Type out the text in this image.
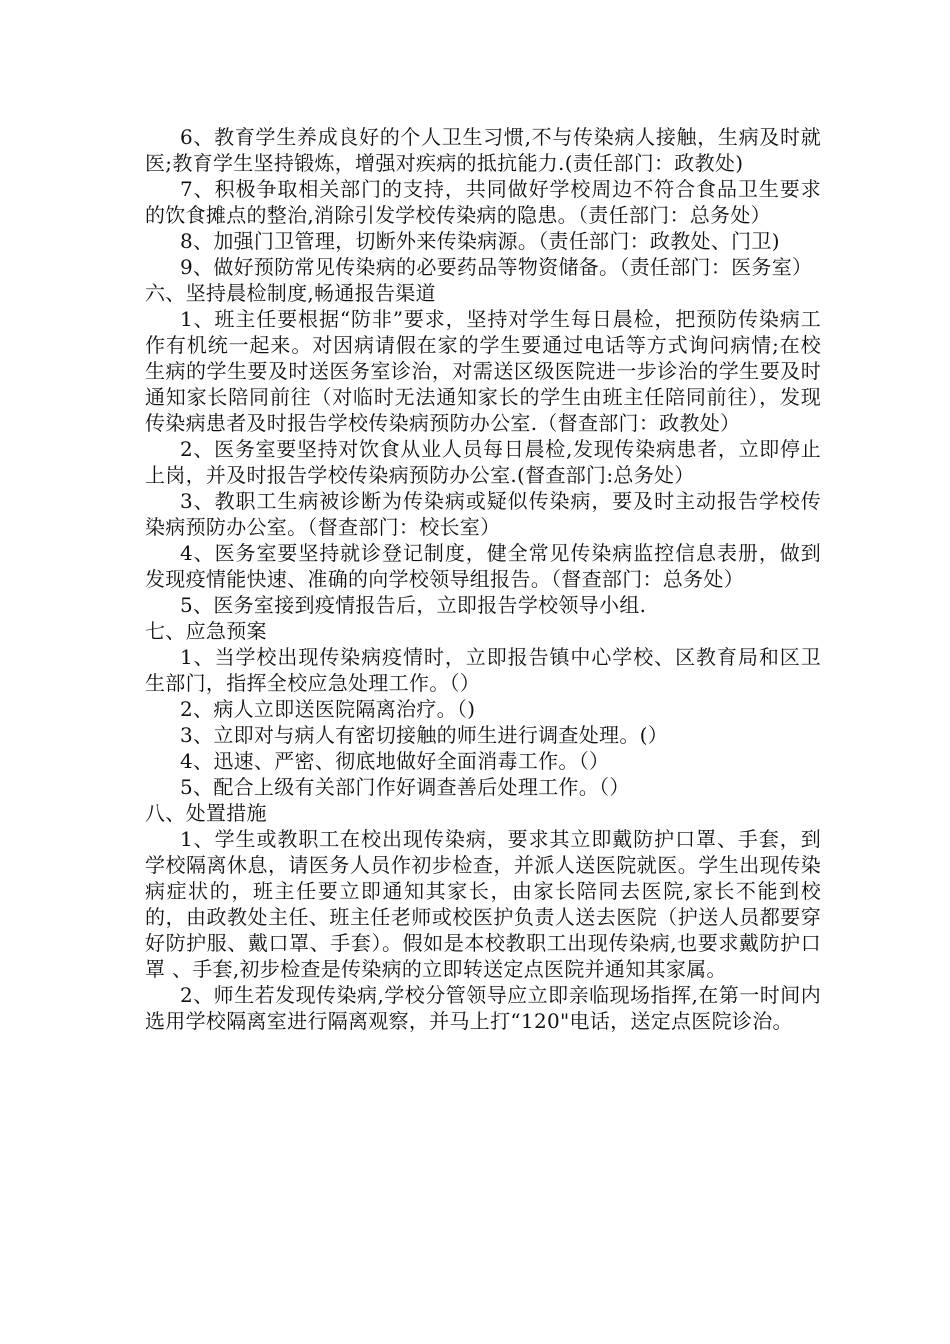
6、教育学生养成良好的个人卫生习惯,不与传染病人接触，生病及时就医;教育学生坚持锻炼，增强对疾病的抵抗能力.(责任部门：政教处)

7、积极争取相关部门的支持，共同做好学校周边不符合食品卫生要求的饮食摊点的整治,消除引发学校传染病的隐患。（责任部门：总务处）

8、加强门卫管理，切断外来传染病源。（责任部门：政教处、门卫)

9、做好预防常见传染病的必要药品等物资储备。（责任部门：医务室）

六、坚持晨检制度,畅通报告渠道

1、班主任要根据“防非”要求，坚持对学生每日晨检，把预防传染病工作有机统一起来。对因病请假在家的学生要通过电话等方式询问病情;在校生病的学生要及时送医务室诊治，对需送区级医院进一步诊治的学生要及时通知家长陪同前往（对临时无法通知家长的学生由班主任陪同前往），发现传染病患者及时报告学校传染病预防办公室.（督查部门：政教处）

2、医务室要坚持对饮食从业人员每日晨检,发现传染病患者，立即停止上岗，并及时报告学校传染病预防办公室.(督查部门:总务处）

3、教职工生病被诊断为传染病或疑似传染病，要及时主动报告学校传染病预防办公室。（督查部门：校长室）

4、医务室要坚持就诊登记制度，健全常见传染病监控信息表册，做到发现疫情能快速、准确的向学校领导组报告。（督查部门：总务处）

5、医务室接到疫情报告后，立即报告学校领导小组.

七、应急预案

1、当学校出现传染病疫情时，立即报告镇中心学校、区教育局和区卫生部门，指挥全校应急处理工作。（）

2、病人立即送医院隔离治疗。（)

3、立即对与病人有密切接触的师生进行调查处理。(）

4、迅速、严密、彻底地做好全面消毒工作。（）

5、配合上级有关部门作好调查善后处理工作。（）

八、处置措施

1、学生或教职工在校出现传染病，要求其立即戴防护口罩、手套，到学校隔离休息，请医务人员作初步检查，并派人送医院就医。学生出现传染病症状的，班主任要立即通知其家长，由家长陪同去医院,家长不能到校的，由政教处主任、班主任老师或校医护负责人送去医院（护送人员都要穿好防护服、戴口罩、手套）。假如是本校教职工出现传染病,也要求戴防护口罩 、手套,初步检查是传染病的立即转送定点医院并通知其家属。

2、师生若发现传染病,学校分管领导应立即亲临现场指挥,在第一时间内选用学校隔离室进行隔离观察，并马上打“120"电话，送定点医院诊治。
